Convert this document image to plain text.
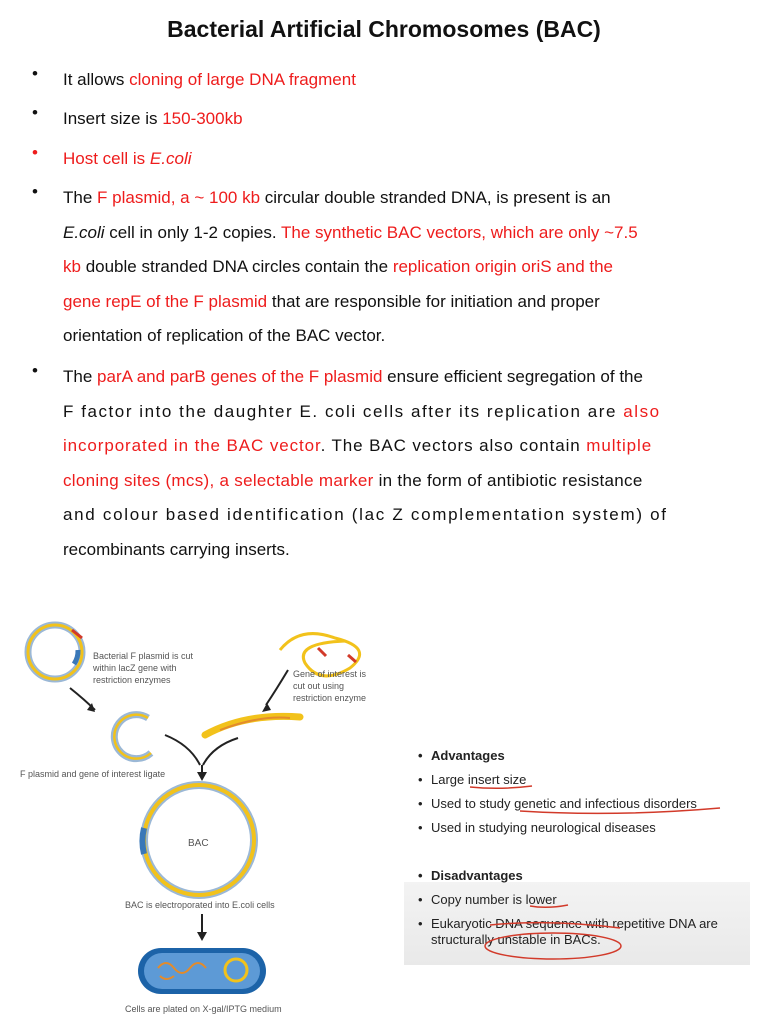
Bacterial Artificial Chromosomes (BAC)
• It allows cloning of large DNA fragment
• Insert size is 150-300kb
• Host cell is E.coli
• The F plasmid, a ~ 100 kb circular double stranded DNA, is present is an
E.coli cell in only 1-2 copies. The synthetic BAC vectors, which are only ~7.5
kb double stranded DNA circles contain the replication origin oriS and the
gene repE of the F plasmid that are responsible for initiation and proper
orientation of replication of the BAC vector.
• The parA and parB genes of the F plasmid ensure efficient segregation of the
F factor into the daughter E. coli cells after its replication are also
incorporated in the BAC vector. The BAC vectors also contain multiple
cloning sites (mcs), a selectable marker in the form of antibiotic resistance
and colour based identification (lac Z complementation system) of
recombinants carrying inserts.
Bacterial F plasmid is cut
within lacZ gene with
restriction enzymes
Gene of interest is
cut out using
restriction enzyme
F plasmid and gene of interest ligate
BAC
BAC is electroporated into E.coli cells
Cells are plated on X-gal/IPTG medium
• Advantages
• Large insert size
• Used to study genetic and infectious disorders
• Used in studying neurological diseases
• Disadvantages
• Copy number is lower
• Eukaryotic DNA sequence with repetitive DNA are
structurally unstable in BACs.
